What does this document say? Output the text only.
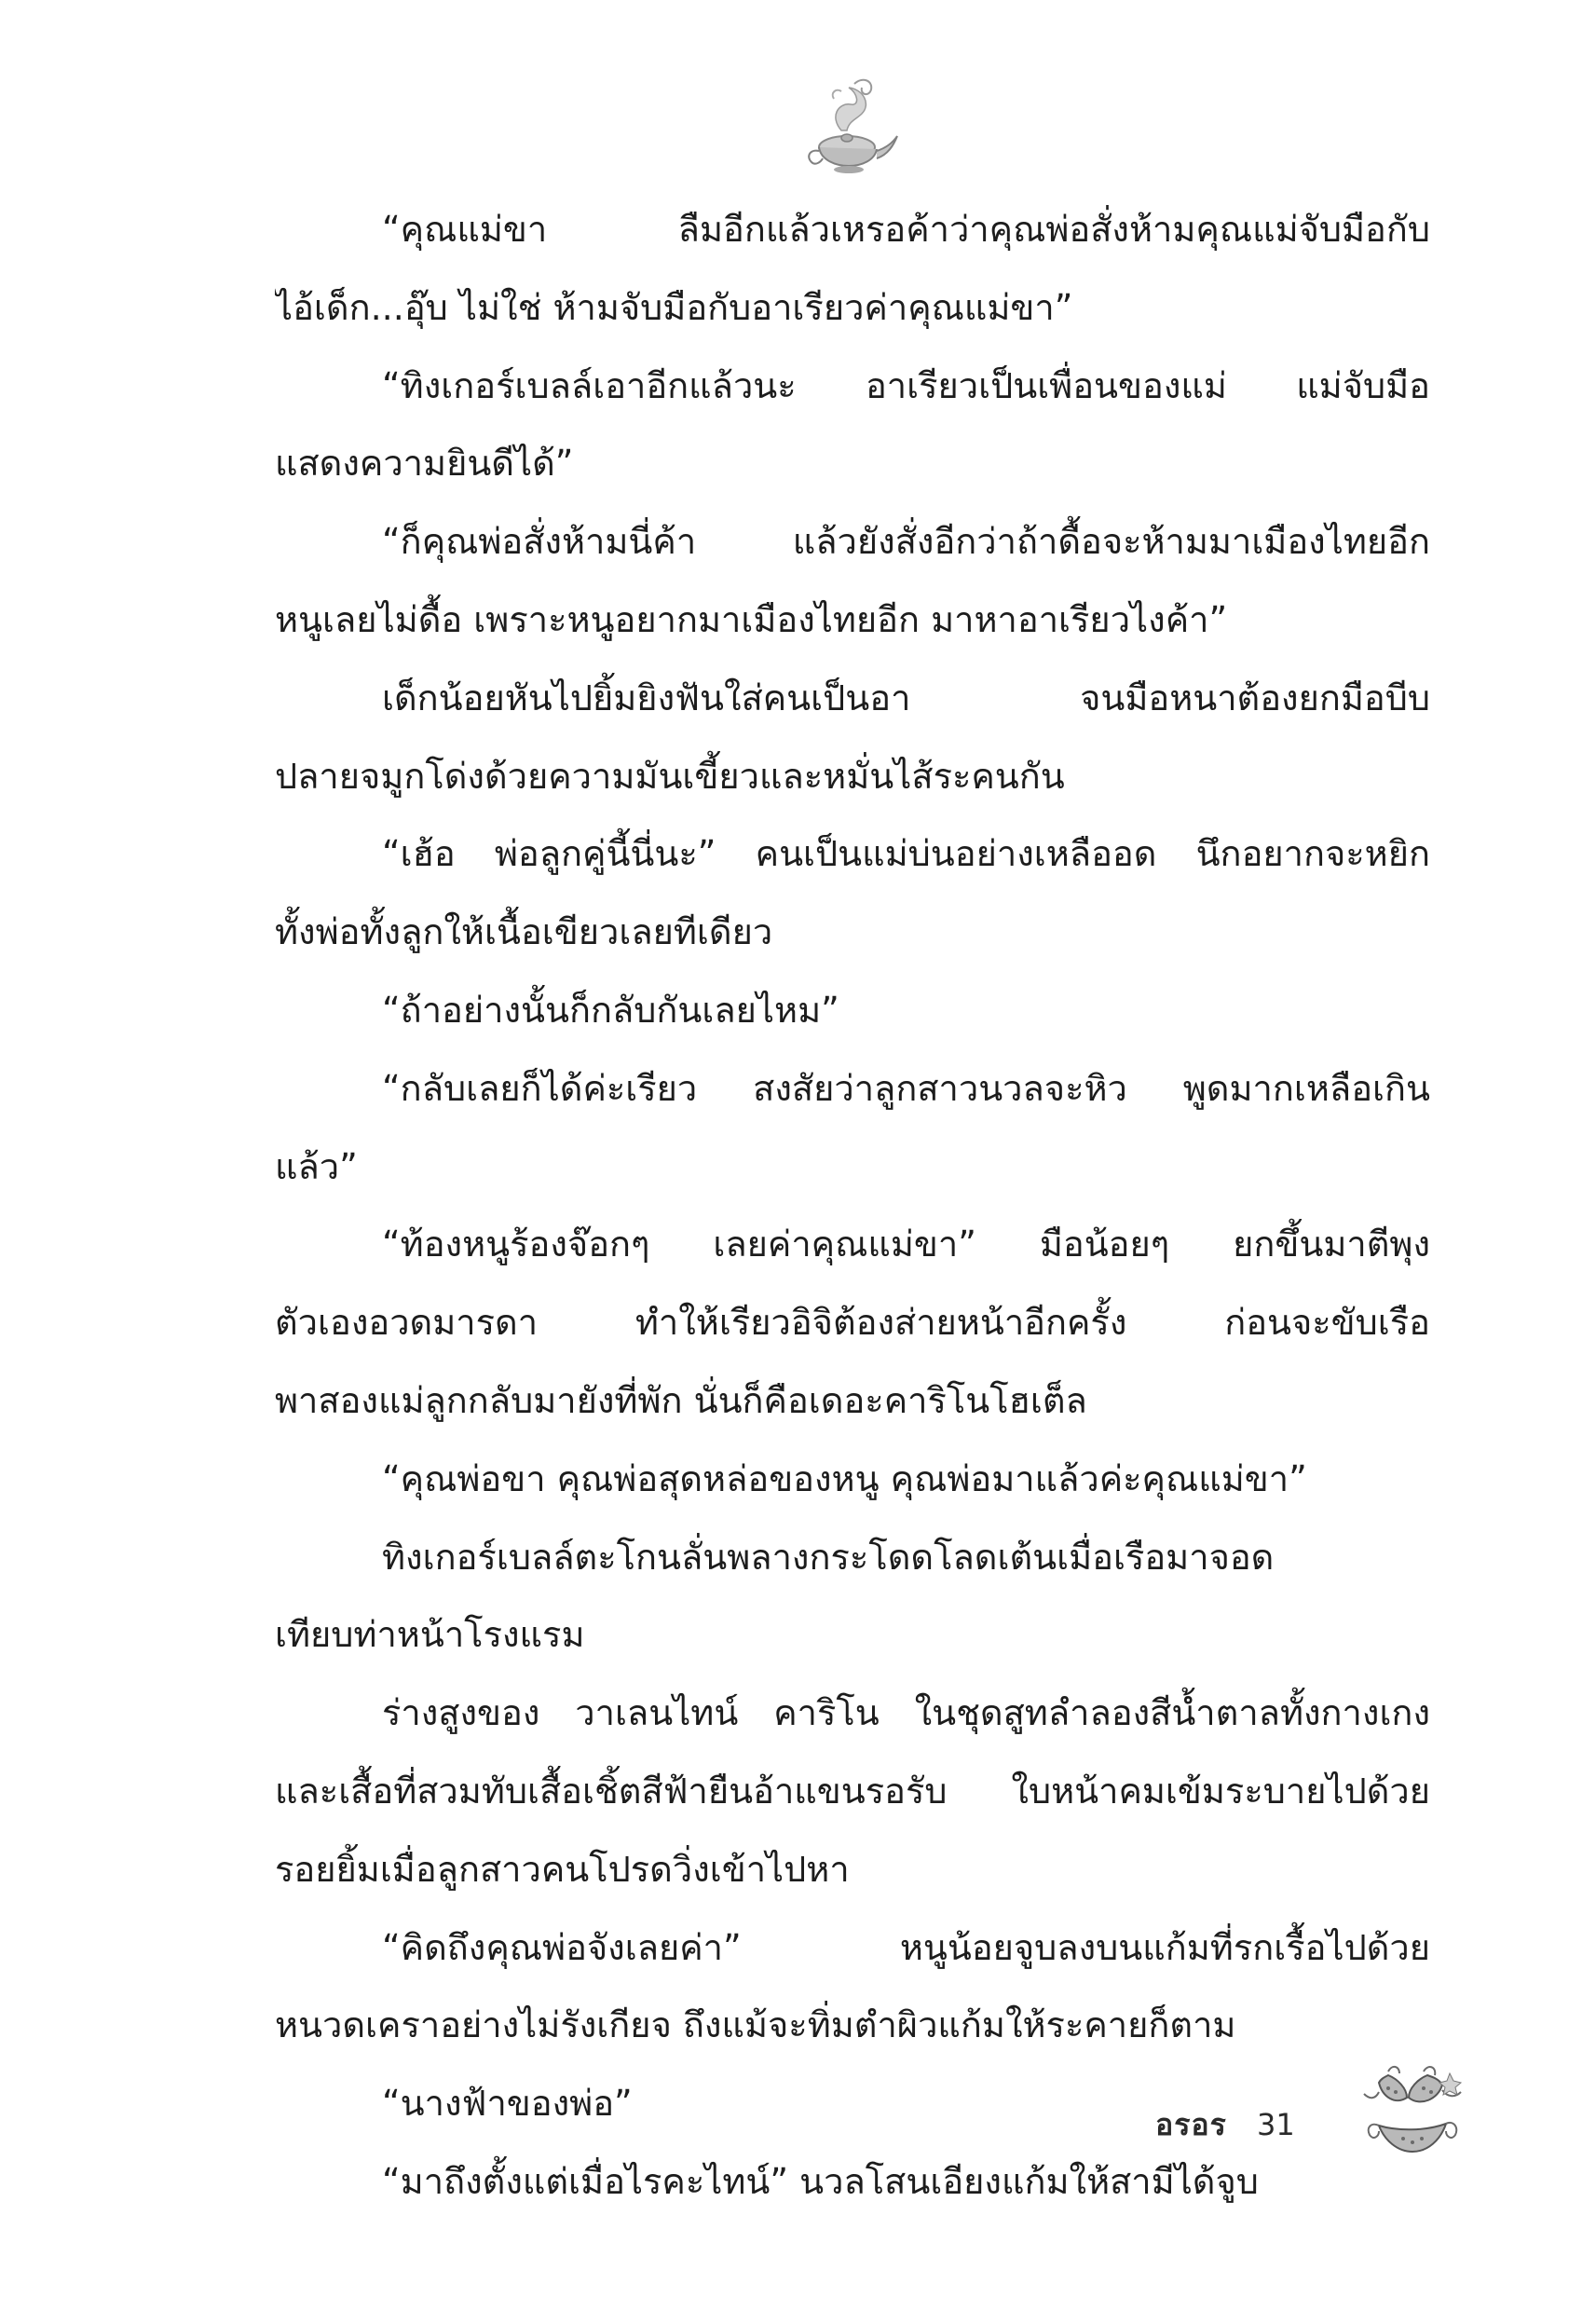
“คุณแม่ขา ลืมอีกแล้วเหรอค้าว่าคุณพ่อสั่งห้ามคุณแม่จับมือกับ
ไอ้เด็ก...อุ๊บ ไม่ใช่ ห้ามจับมือกับอาเรียวค่าคุณแม่ขา”
“ทิงเกอร์เบลล์เอาอีกแล้วนะ อาเรียวเป็นเพื่อนของแม่ แม่จับมือ
แสดงความยินดีได้”
“ก็คุณพ่อสั่งห้ามนี่ค้า แล้วยังสั่งอีกว่าถ้าดื้อจะห้ามมาเมืองไทยอีก
หนูเลยไม่ดื้อ เพราะหนูอยากมาเมืองไทยอีก มาหาอาเรียวไงค้า”
เด็กน้อยหันไปยิ้มยิงฟันใส่คนเป็นอา จนมือหนาต้องยกมือบีบ
ปลายจมูกโด่งด้วยความมันเขี้ยวและหมั่นไส้ระคนกัน
“เฮ้อ พ่อลูกคู่นี้นี่นะ” คนเป็นแม่บ่นอย่างเหลืออด นึกอยากจะหยิก
ทั้งพ่อทั้งลูกให้เนื้อเขียวเลยทีเดียว
“ถ้าอย่างนั้นก็กลับกันเลยไหม”
“กลับเลยก็ได้ค่ะเรียว สงสัยว่าลูกสาวนวลจะหิว พูดมากเหลือเกิน
แล้ว”
“ท้องหนูร้องจ๊อกๆ เลยค่าคุณแม่ขา” มือน้อยๆ ยกขึ้นมาตีพุง
ตัวเองอวดมารดา ทำให้เรียวอิจิต้องส่ายหน้าอีกครั้ง ก่อนจะขับเรือ
พาสองแม่ลูกกลับมายังที่พัก นั่นก็คือเดอะคาริโนโฮเต็ล
“คุณพ่อขา คุณพ่อสุดหล่อของหนู คุณพ่อมาแล้วค่ะคุณแม่ขา”
ทิงเกอร์เบลล์ตะโกนลั่นพลางกระโดดโลดเต้นเมื่อเรือมาจอด
เทียบท่าหน้าโรงแรม
ร่างสูงของ วาเลนไทน์ คาริโน ในชุดสูทลำลองสีน้ำตาลทั้งกางเกง
และเสื้อที่สวมทับเสื้อเชิ้ตสีฟ้ายืนอ้าแขนรอรับ ใบหน้าคมเข้มระบายไปด้วย
รอยยิ้มเมื่อลูกสาวคนโปรดวิ่งเข้าไปหา
“คิดถึงคุณพ่อจังเลยค่า” หนูน้อยจูบลงบนแก้มที่รกเรื้อไปด้วย
หนวดเคราอย่างไม่รังเกียจ ถึงแม้จะทิ่มตำผิวแก้มให้ระคายก็ตาม
“นางฟ้าของพ่อ”
“มาถึงตั้งแต่เมื่อไรคะไทน์” นวลโสนเอียงแก้มให้สามีได้จูบ
อรอร 31
